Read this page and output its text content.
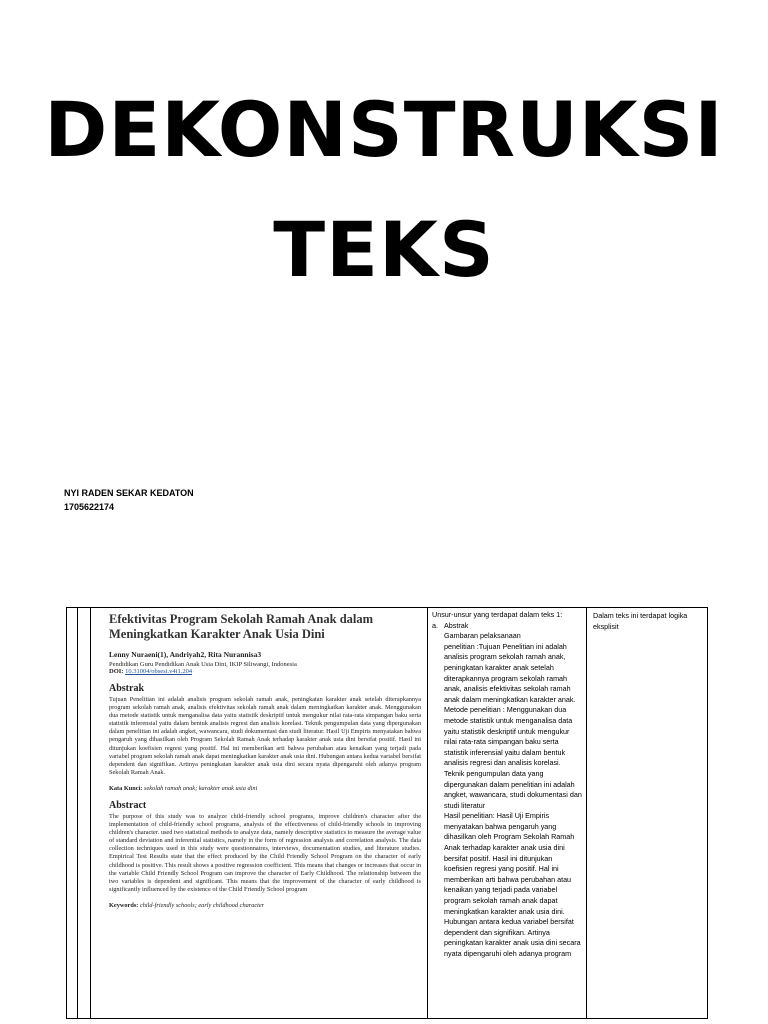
DEKONSTRUKSI
TEKS
NYI RADEN SEKAR KEDATON
1705622174

Efektivitas Program Sekolah Ramah Anak dalam Meningkatkan Karakter Anak Usia Dini
Lenny Nuraeni(1), Andriyah2, Rita Nurannisa3
Pendidikan Guru Pendidikan Anak Usia Dini, IKIP Siliwangi, Indonesia
DOI: 10.31004/obsesi.v4i1.204
Abstrak
Tujuan Penelitian ini adalah analisis program sekolah ramah anak, peningkatan karakter anak setelah diterapkannya program sekolah ramah anak, analisis efektivitas sekolah ramah anak dalam meningkatkan karakter anak. Menggunakan dua metode statistik untuk menganalisa data yaitu statistik deskriptif untuk mengukur nilai rata-rata simpangan baku serta statistik inferensial yaitu dalam bentuk analisis regresi dan analisis korelasi. Teknik pengumpulan data yang dipergunakan dalam penelitian ini adalah angket, wawancara, studi dokumentasi dan studi literatur. Hasil Uji Empiris menyatakan bahwa pengaruh yang dihasilkan oleh Program Sekolah Ramah Anak terhadap karakter anak usia dini bersifat positif. Hasil ini ditunjukan koefisien regresi yang positif. Hal ini memberikan arti bahwa perubahan atau kenaikan yang terjadi pada variabel program sekolah ramah anak dapat meningkatkan karakter anak usia dini. Hubungan antara kedua variabel bersifat dependent dan signifikan. Artinya peningkatan karakter anak usia dini secara nyata dipengaruhi oleh adanya program Sekolah Ramah Anak.
Kata Kunci: sekolah ramah anak; karakter anak usia dini
Abstract
The purpose of this study was to analyze child-friendly school programs, improve children's character after the implementation of child-friendly school programs, analysis of the effectiveness of child-friendly schools in improving children's character. used two statistical methods to analyze data, namely descriptive statistics to measure the average value of standard deviation and inferential statistics, namely in the form of regression analysis and correlation analysis. The data collection techniques used in this study were questionnaires, interviews, documentation studies, and literature studies. Empirical Test Results state that the effect produced by the Child Friendly School Program on the character of early childhood is positive. This result shows a positive regression coefficient. This means that changes or increases that occur in the variable Child Friendly School Program can improve the character of Early Childhood. The relationship between the two variables is dependent and significant. This means that the improvement of the character of early childhood is significantly influenced by the existence of the Child Friendly School program
Keywords: child-friendly schools; early childhood character

Unsur-unsur yang terdapat dalam teks 1:
a. Abstrak
Gambaran pelaksanaan
penelitian :Tujuan Penelitian ini adalah analisis program sekolah ramah anak, peningkatan karakter anak setelah diterapkannya program sekolah ramah anak, analisis efektivitas sekolah ramah anak dalam meningkatkan karakter anak.
Metode penelitian : Menggunakan dua metode statistik untuk menganalisa data yaitu statistik deskriptif untuk mengukur nilai rata-rata simpangan baku serta statistik inferensial yaitu dalam bentuk analisis regresi dan analisis korelasi. Teknik pengumpulan data yang dipergunakan dalam penelitian ini adalah angket, wawancara, studi dokumentasi dan studi literatur
Hasil penelitian: Hasil Uji Empiris menyatakan bahwa pengaruh yang dihasilkan oleh Program Sekolah Ramah Anak terhadap karakter anak usia dini bersifat positif. Hasil ini ditunjukan koefisien regresi yang positif. Hal ini memberikan arti bahwa perubahan atau kenaikan yang terjadi pada variabel program sekolah ramah anak dapat meningkatkan karakter anak usia dini. Hubungan antara kedua variabel bersifat dependent dan signifikan. Artinya peningkatan karakter anak usia dini secara nyata dipengaruhi oleh adanya program

Dalam teks ini terdapat logika eksplisit
